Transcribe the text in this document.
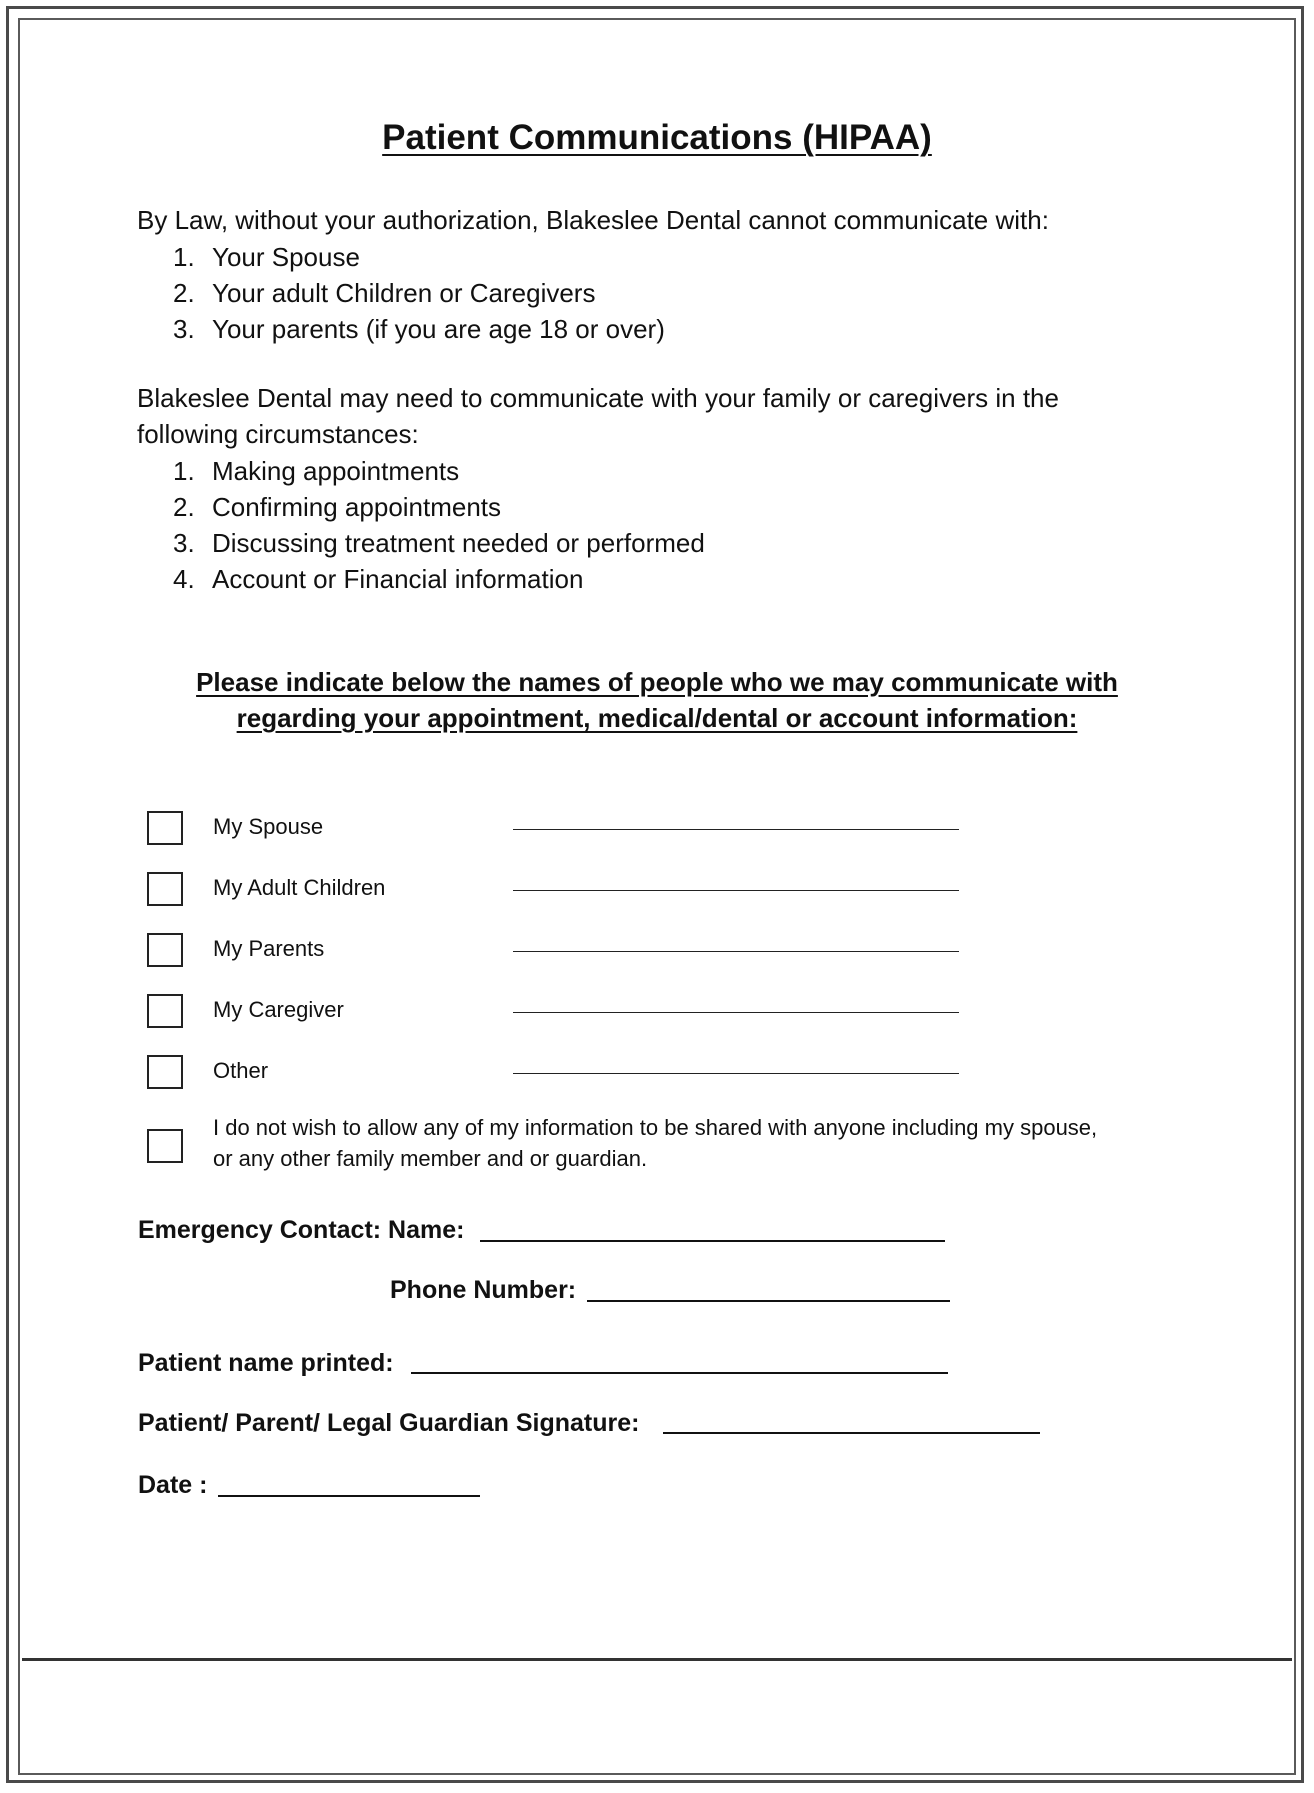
Patient Communications (HIPAA)
By Law, without your authorization, Blakeslee Dental cannot communicate with:
1. Your Spouse
2. Your adult Children or Caregivers
3. Your parents (if you are age 18 or over)
Blakeslee Dental may need to communicate with your family or caregivers in the
following circumstances:
1. Making appointments
2. Confirming appointments
3. Discussing treatment needed or performed
4. Account or Financial information
Please indicate below the names of people who we may communicate with
regarding your appointment, medical/dental or account information:
My Spouse
My Adult Children
My Parents
My Caregiver
Other
I do not wish to allow any of my information to be shared with anyone including my spouse,
or any other family member and or guardian.
Emergency Contact: Name:
Phone Number:
Patient name printed:
Patient/ Parent/ Legal Guardian Signature:
Date :
